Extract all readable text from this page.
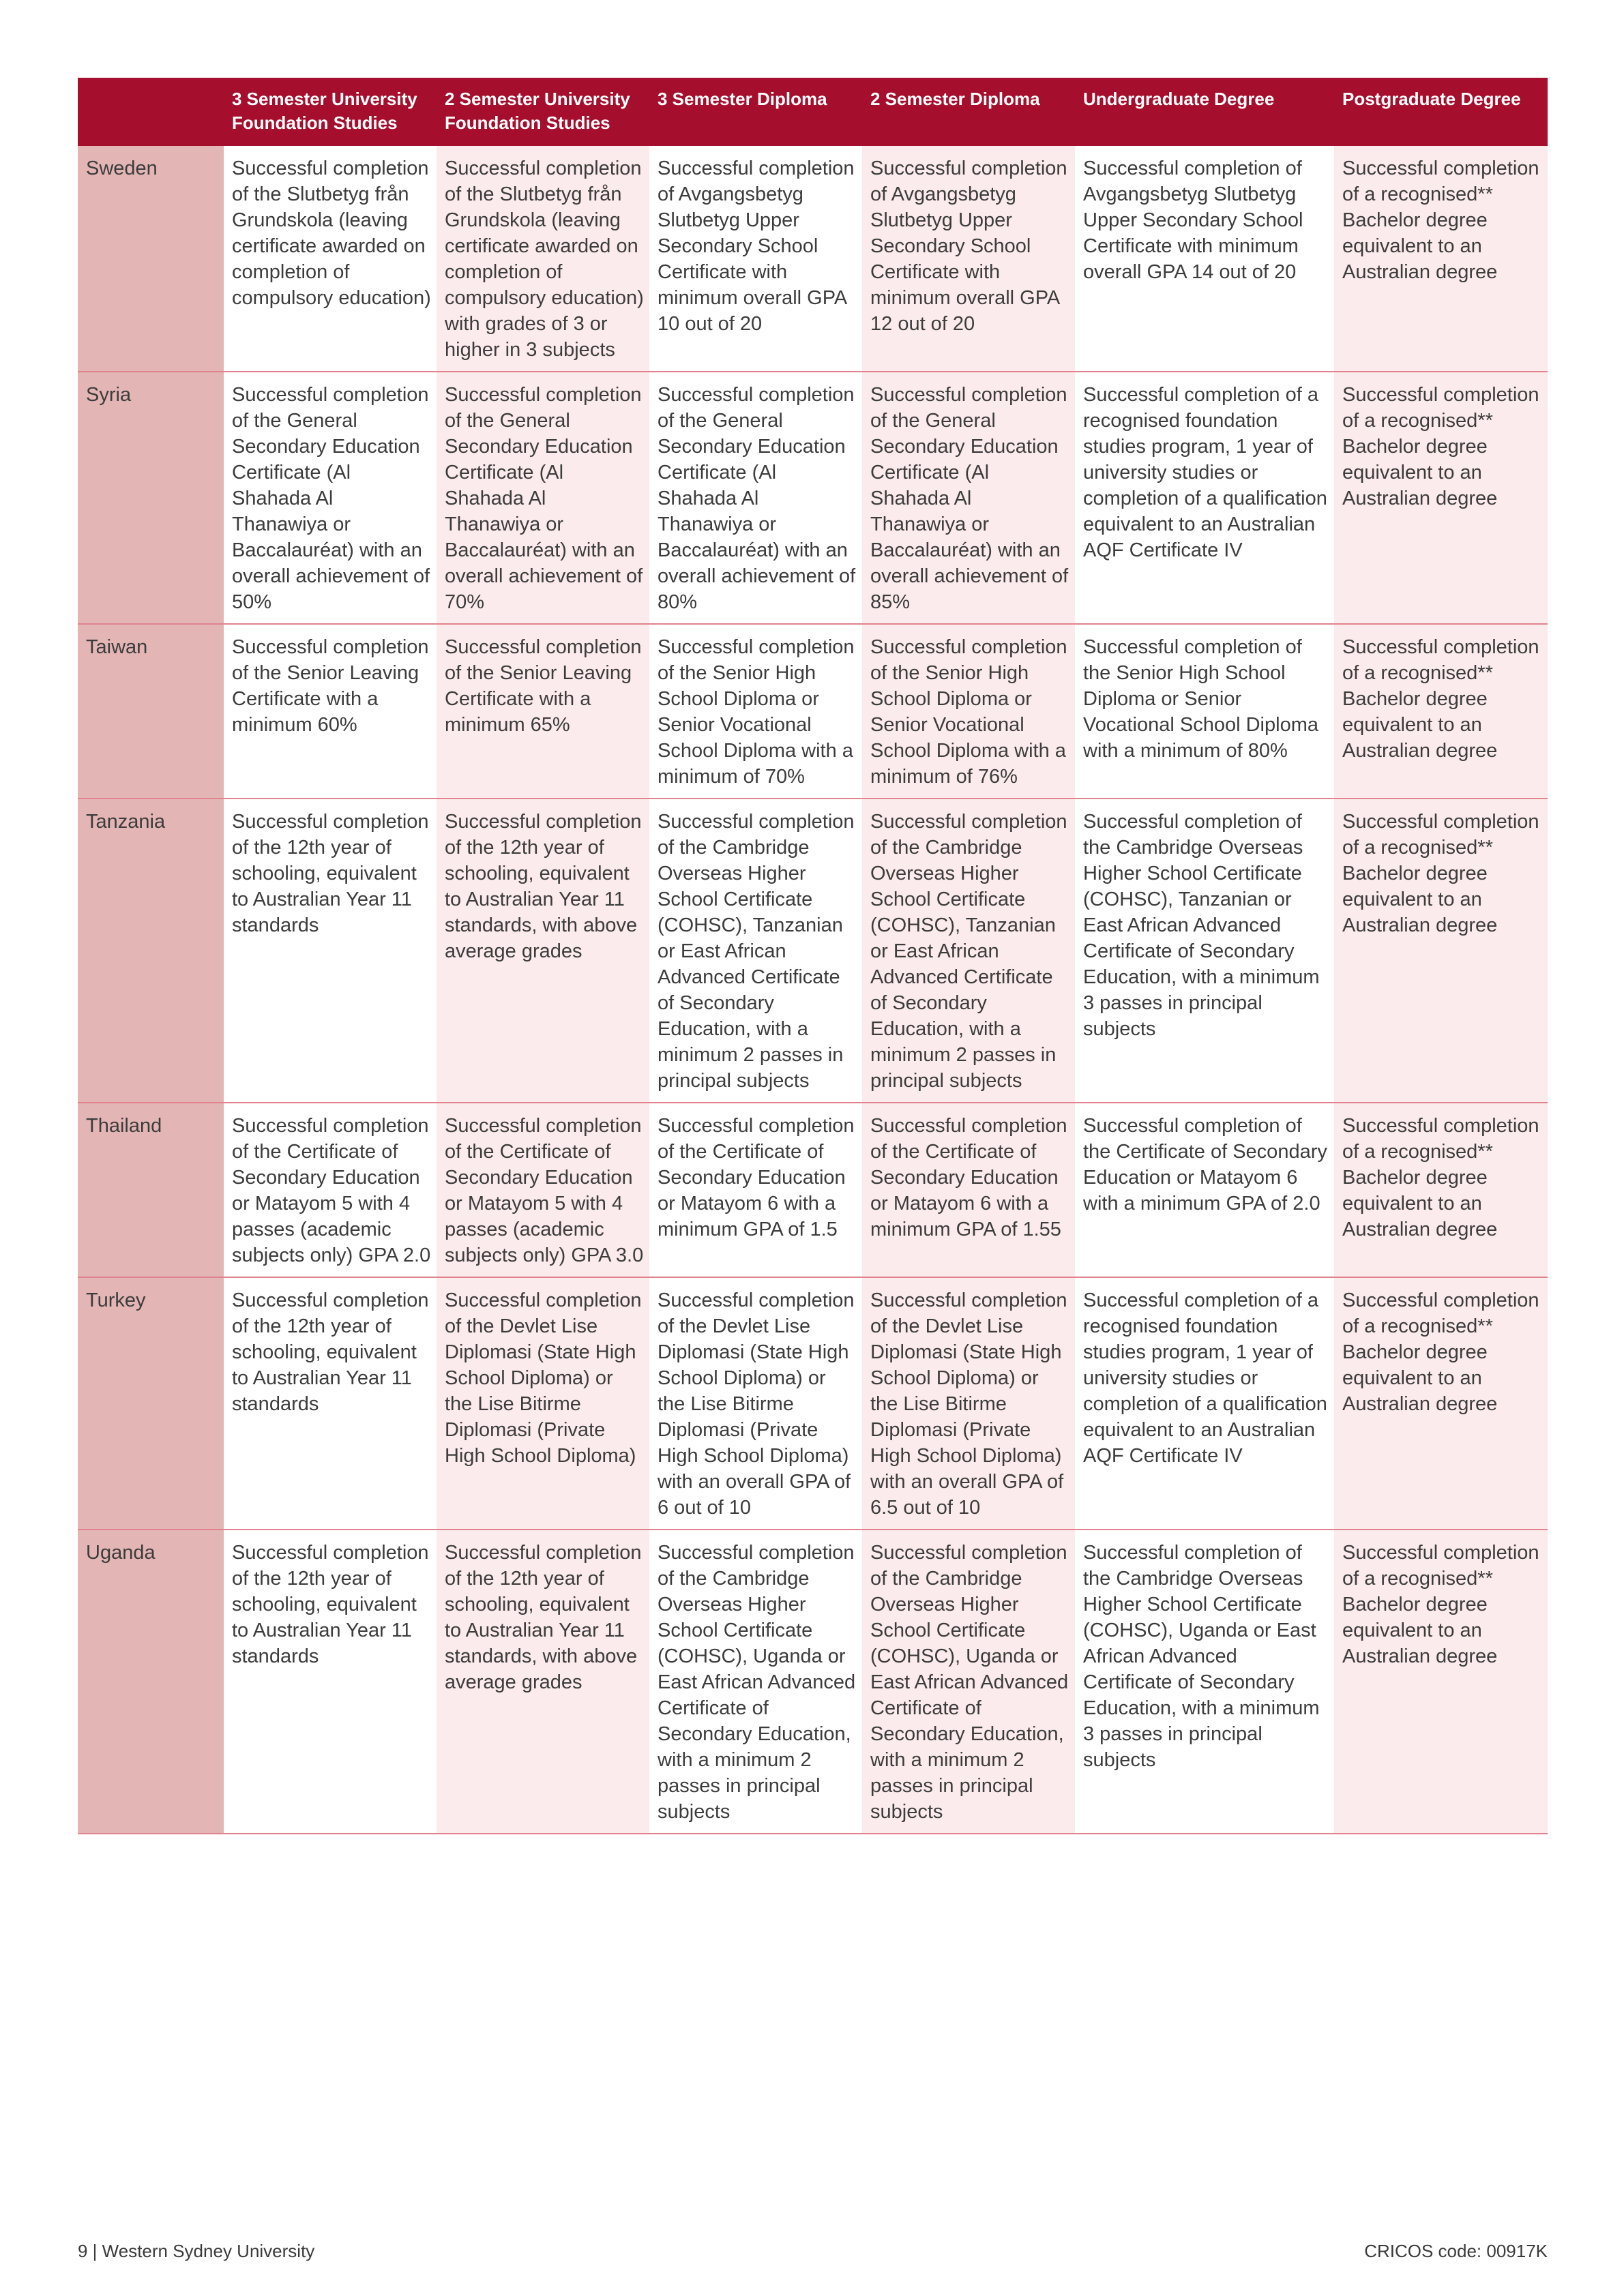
	3 Semester University Foundation Studies	2 Semester University Foundation Studies	3 Semester Diploma	2 Semester Diploma	Undergraduate Degree	Postgraduate Degree
Sweden	Successful completion of the Slutbetyg från Grundskola (leaving certificate awarded on completion of compulsory education)	Successful completion of the Slutbetyg från Grundskola (leaving certificate awarded on completion of compulsory education) with grades of 3 or higher in 3 subjects	Successful completion of Avgangsbetyg Slutbetyg Upper Secondary School Certificate with minimum overall GPA 10 out of 20	Successful completion of Avgangsbetyg Slutbetyg Upper Secondary School Certificate with minimum overall GPA 12 out of 20	Successful completion of Avgangsbetyg Slutbetyg Upper Secondary School Certificate with minimum overall GPA 14 out of 20	Successful completion of a recognised** Bachelor degree equivalent to an Australian degree
Syria	Successful completion of the General Secondary Education Certificate (Al Shahada Al Thanawiya or Baccalauréat) with an overall achievement of 50%	Successful completion of the General Secondary Education Certificate (Al Shahada Al Thanawiya or Baccalauréat) with an overall achievement of 70%	Successful completion of the General Secondary Education Certificate (Al Shahada Al Thanawiya or Baccalauréat) with an overall achievement of 80%	Successful completion of the General Secondary Education Certificate (Al Shahada Al Thanawiya or Baccalauréat) with an overall achievement of 85%	Successful completion of a recognised foundation studies program, 1 year of university studies or completion of a qualification equivalent to an Australian AQF Certificate IV	Successful completion of a recognised** Bachelor degree equivalent to an Australian degree
Taiwan	Successful completion of the Senior Leaving Certificate with a minimum 60%	Successful completion of the Senior Leaving Certificate with a minimum 65%	Successful completion of the Senior High School Diploma or Senior Vocational School Diploma with a minimum of 70%	Successful completion of the Senior High School Diploma or Senior Vocational School Diploma with a minimum of 76%	Successful completion of the Senior High School Diploma or Senior Vocational School Diploma with a minimum of 80%	Successful completion of a recognised** Bachelor degree equivalent to an Australian degree
Tanzania	Successful completion of the 12th year of schooling, equivalent to Australian Year 11 standards	Successful completion of the 12th year of schooling, equivalent to Australian Year 11 standards, with above average grades	Successful completion of the Cambridge Overseas Higher School Certificate (COHSC), Tanzanian or East African Advanced Certificate of Secondary Education, with a minimum 2 passes in principal subjects	Successful completion of the Cambridge Overseas Higher School Certificate (COHSC), Tanzanian or East African Advanced Certificate of Secondary Education, with a minimum 2 passes in principal subjects	Successful completion of the Cambridge Overseas Higher School Certificate (COHSC), Tanzanian or East African Advanced Certificate of Secondary Education, with a minimum 3 passes in principal subjects	Successful completion of a recognised** Bachelor degree equivalent to an Australian degree
Thailand	Successful completion of the Certificate of Secondary Education or Matayom 5 with 4 passes (academic subjects only) GPA 2.0	Successful completion of the Certificate of Secondary Education or Matayom 5 with 4 passes (academic subjects only) GPA 3.0	Successful completion of the Certificate of Secondary Education or Matayom 6 with a minimum GPA of 1.5	Successful completion of the Certificate of Secondary Education or Matayom 6 with a minimum GPA of 1.55	Successful completion of the Certificate of Secondary Education or Matayom 6 with a minimum GPA of 2.0	Successful completion of a recognised** Bachelor degree equivalent to an Australian degree
Turkey	Successful completion of the 12th year of schooling, equivalent to Australian Year 11 standards	Successful completion of the Devlet Lise Diplomasi (State High School Diploma) or the Lise Bitirme Diplomasi (Private High School Diploma)	Successful completion of the Devlet Lise Diplomasi (State High School Diploma) or the Lise Bitirme Diplomasi (Private High School Diploma) with an overall GPA of 6 out of 10	Successful completion of the Devlet Lise Diplomasi (State High School Diploma) or the Lise Bitirme Diplomasi (Private High School Diploma) with an overall GPA of 6.5 out of 10	Successful completion of a recognised foundation studies program, 1 year of university studies or completion of a qualification equivalent to an Australian AQF Certificate IV	Successful completion of a recognised** Bachelor degree equivalent to an Australian degree
Uganda	Successful completion of the 12th year of schooling, equivalent to Australian Year 11 standards	Successful completion of the 12th year of schooling, equivalent to Australian Year 11 standards, with above average grades	Successful completion of the Cambridge Overseas Higher School Certificate (COHSC), Uganda or East African Advanced Certificate of Secondary Education, with a minimum 2 passes in principal subjects	Successful completion of the Cambridge Overseas Higher School Certificate (COHSC), Uganda or East African Advanced Certificate of Secondary Education, with a minimum 2 passes in principal subjects	Successful completion of the Cambridge Overseas Higher School Certificate (COHSC), Uganda or East African Advanced Certificate of Secondary Education, with a minimum 3 passes in principal subjects	Successful completion of a recognised** Bachelor degree equivalent to an Australian degree
9 | Western Sydney University	CRICOS code: 00917K
